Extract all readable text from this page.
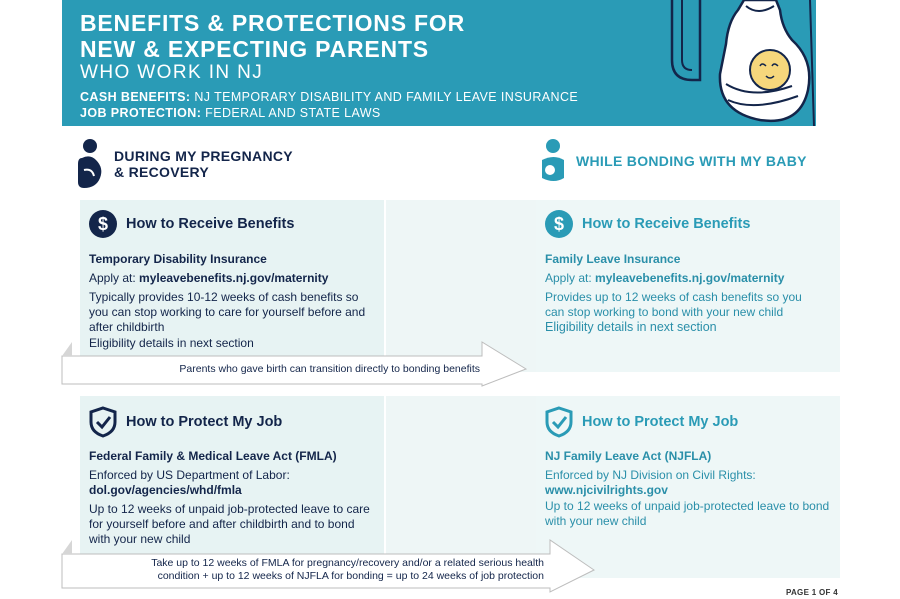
BENEFITS & PROTECTIONS FOR
NEW & EXPECTING PARENTS
WHO WORK IN NJ
CASH BENEFITS: NJ TEMPORARY DISABILITY AND FAMILY LEAVE INSURANCE
JOB PROTECTION: FEDERAL AND STATE LAWS
DURING MY PREGNANCY
& RECOVERY
WHILE BONDING WITH MY BABY
$ How to Receive Benefits
Temporary Disability Insurance
Apply at: myleavebenefits.nj.gov/maternity
Typically provides 10-12 weeks of cash benefits so
you can stop working to care for yourself before and
after childbirth
Eligibility details in next section
$ How to Receive Benefits
Family Leave Insurance
Apply at: myleavebenefits.nj.gov/maternity
Provides up to 12 weeks of cash benefits so you
can stop working to bond with your new child
Eligibility details in next section
Parents who gave birth can transition directly to bonding benefits
How to Protect My Job
Federal Family & Medical Leave Act (FMLA)
Enforced by US Department of Labor:
dol.gov/agencies/whd/fmla
Up to 12 weeks of unpaid job-protected leave to care
for yourself before and after childbirth and to bond
with your new child
How to Protect My Job
NJ Family Leave Act (NJFLA)
Enforced by NJ Division on Civil Rights:
www.njcivilrights.gov
Up to 12 weeks of unpaid job-protected leave to bond
with your new child
Take up to 12 weeks of FMLA for pregnancy/recovery and/or a related serious health
condition + up to 12 weeks of NJFLA for bonding = up to 24 weeks of job protection
PAGE 1 OF 4
